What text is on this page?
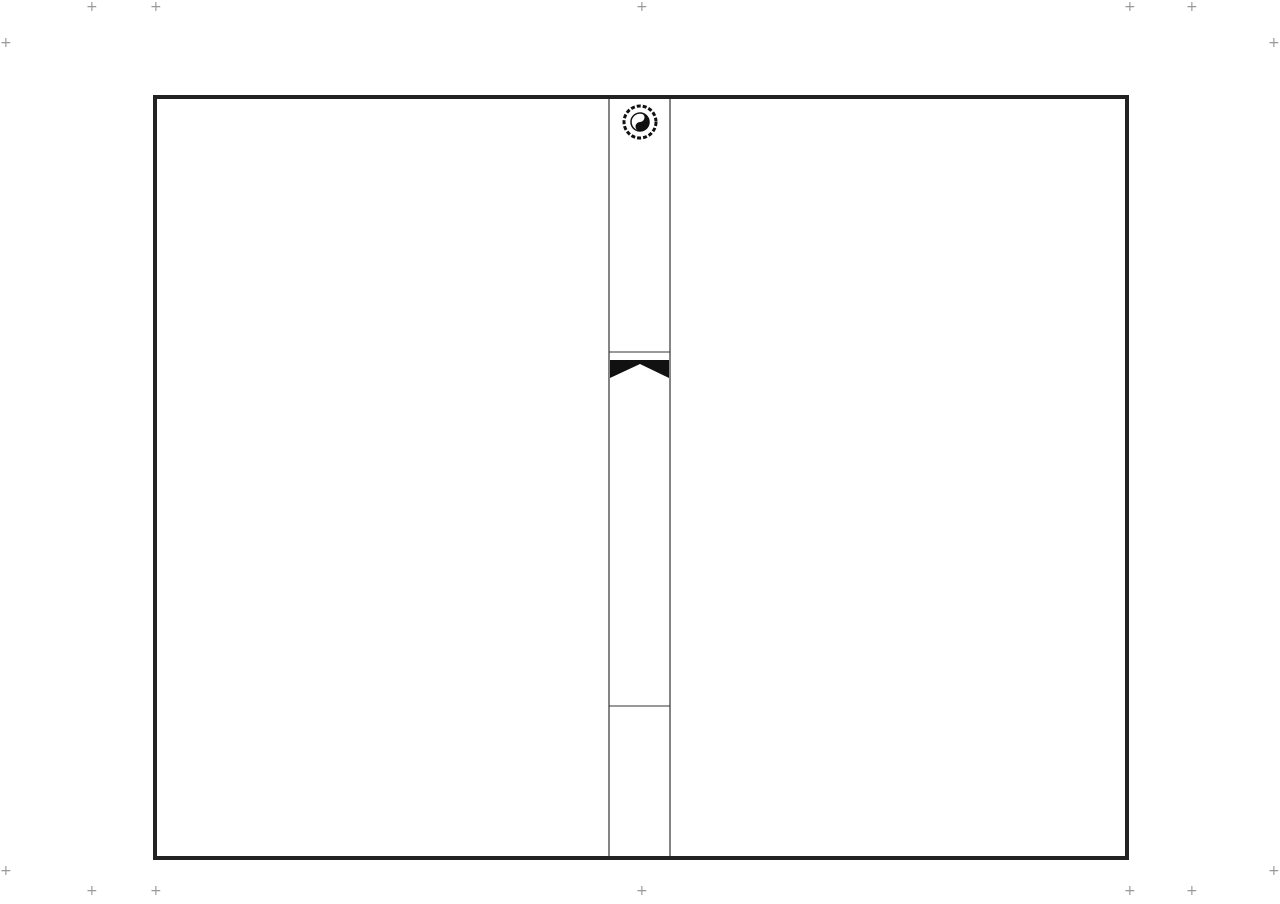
+	+	+	+	+
+	+
+	+
+	+	+	+	+
